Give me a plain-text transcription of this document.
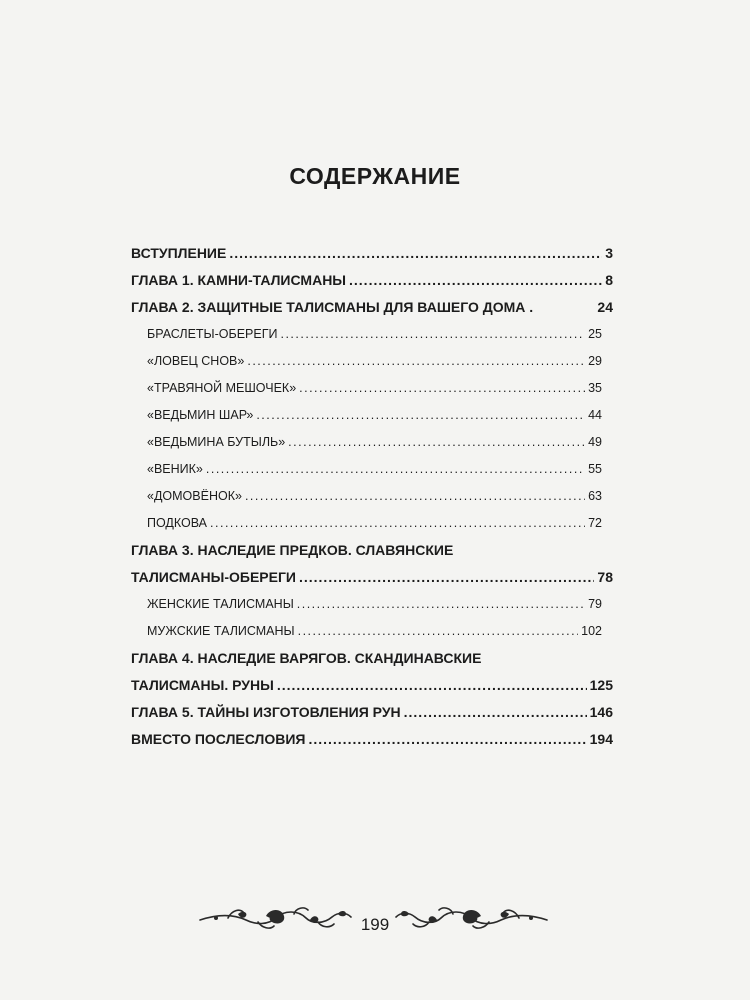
СОДЕРЖАНИЕ
ВСТУПЛЕНИЕ .....	3
ГЛАВА 1. КАМНИ-ТАЛИСМАНЫ .....	8
ГЛАВА 2. ЗАЩИТНЫЕ ТАЛИСМАНЫ ДЛЯ ВАШЕГО ДОМА .	24
БРАСЛЕТЫ-ОБЕРЕГИ .....	25
«ЛОВЕЦ СНОВ» .....	29
«ТРАВЯНОЙ МЕШОЧЕК» .....	35
«ВЕДЬМИН ШАР» .....	44
«ВЕДЬМИНА БУТЫЛЬ» .....	49
«ВЕНИК» .....	55
«ДОМОВЁНОК» .....	63
ПОДКОВА .....	72
ГЛАВА 3. НАСЛЕДИЕ ПРЕДКОВ. СЛАВЯНСКИЕ
ТАЛИСМАНЫ-ОБЕРЕГИ .....	78
ЖЕНСКИЕ ТАЛИСМАНЫ .....	79
МУЖСКИЕ ТАЛИСМАНЫ .....	102
ГЛАВА 4. НАСЛЕДИЕ ВАРЯГОВ. СКАНДИНАВСКИЕ
ТАЛИСМАНЫ. РУНЫ .....	125
ГЛАВА 5. ТАЙНЫ ИЗГОТОВЛЕНИЯ РУН .....	146
ВМЕСТО ПОСЛЕСЛОВИЯ .....	194
199
